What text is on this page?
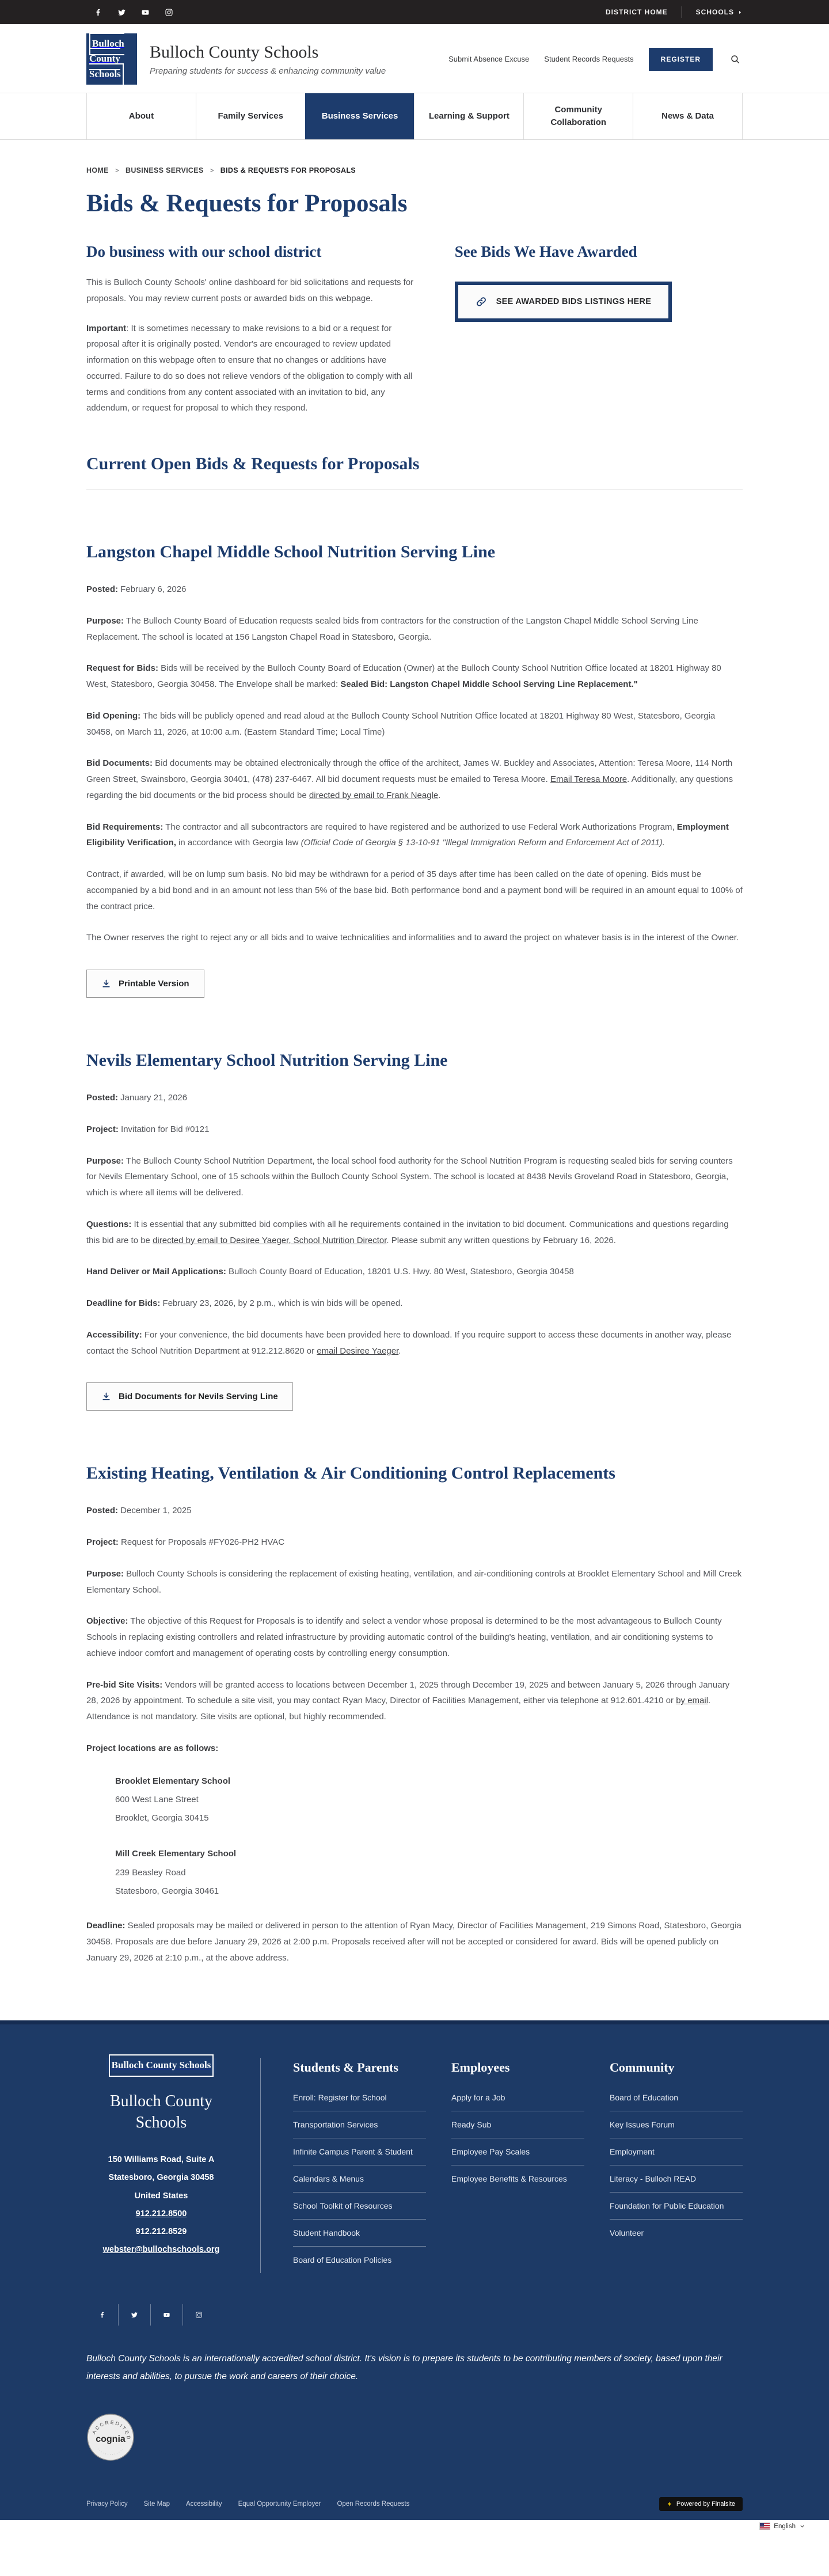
DISTRICT HOME	SCHOOLS
Bulloch County Schools
Bulloch County Schools
Preparing students for success & enhancing community value
Submit Absence Excuse Student Records Requests	REGISTER
About	Family Services	Business Services	Learning & Support
Community Collaboration
News & Data
HOME > BUSINESS SERVICES > BIDS & REQUESTS FOR PROPOSALS
Bids & Requests for Proposals
Do business with our school district

This is Bulloch County Schools' online dashboard for bid solicitations and requests for proposals. You may review current posts or awarded bids on this webpage.

Important: It is sometimes necessary to make revisions to a bid or a request for proposal after it is originally posted. Vendor's are encouraged to review updated information on this webpage often to ensure that no changes or additions have occurred. Failure to do so does not relieve vendors of the obligation to comply with all terms and conditions from any content associated with an invitation to bid, any addendum, or request for proposal to which they respond.

See Bids We Have Awarded
SEE AWARDED BIDS LISTINGS HERE
Current Open Bids & Requests for Proposals
Langston Chapel Middle School Nutrition Serving Line

Posted: February 6, 2026

Purpose: The Bulloch County Board of Education requests sealed bids from contractors for the construction of the Langston Chapel Middle School Serving Line Replacement. The school is located at 156 Langston Chapel Road in Statesboro, Georgia.

Request for Bids: Bids will be received by the Bulloch County Board of Education (Owner) at the Bulloch County School Nutrition Office located at 18201 Highway 80 West, Statesboro, Georgia 30458. The Envelope shall be marked: Sealed Bid: Langston Chapel Middle School Serving Line Replacement."

Bid Opening: The bids will be publicly opened and read aloud at the Bulloch County School Nutrition Office located at 18201 Highway 80 West, Statesboro, Georgia 30458, on March 11, 2026, at 10:00 a.m. (Eastern Standard Time; Local Time)

Bid Documents: Bid documents may be obtained electronically through the office of the architect, James W. Buckley and Associates, Attention: Teresa Moore, 114 North Green Street, Swainsboro, Georgia 30401, (478) 237-6467. All bid document requests must be emailed to Teresa Moore. Email Teresa Moore. Additionally, any questions regarding the bid documents or the bid process should be directed by email to Frank Neagle.

Bid Requirements: The contractor and all subcontractors are required to have registered and be authorized to use Federal Work Authorizations Program, Employment Eligibility Verification, in accordance with Georgia law (Official Code of Georgia § 13-10-91 "Illegal Immigration Reform and Enforcement Act of 2011).

Contract, if awarded, will be on lump sum basis. No bid may be withdrawn for a period of 35 days after time has been called on the date of opening. Bids must be accompanied by a bid bond and in an amount not less than 5% of the base bid. Both performance bond and a payment bond will be required in an amount equal to 100% of the contract price.

The Owner reserves the right to reject any or all bids and to waive technicalities and informalities and to award the project on whatever basis is in the interest of the Owner.

Printable Version
Nevils Elementary School Nutrition Serving Line

Posted: January 21, 2026

Project: Invitation for Bid #0121

Purpose: The Bulloch County School Nutrition Department, the local school food authority for the School Nutrition Program is requesting sealed bids for serving counters for Nevils Elementary School, one of 15 schools within the Bulloch County School System. The school is located at 8438 Nevils Groveland Road in Statesboro, Georgia, which is where all items will be delivered.

Questions: It is essential that any submitted bid complies with all he requirements contained in the invitation to bid document. Communications and questions regarding this bid are to be directed by email to Desiree Yaeger, School Nutrition Director. Please submit any written questions by February 16, 2026.

Hand Deliver or Mail Applications: Bulloch County Board of Education, 18201 U.S. Hwy. 80 West, Statesboro, Georgia 30458

Deadline for Bids: February 23, 2026, by 2 p.m., which is win bids will be opened.

Accessibility: For your convenience, the bid documents have been provided here to download. If you require support to access these documents in another way, please contact the School Nutrition Department at 912.212.8620 or email Desiree Yaeger.

Bid Documents for Nevils Serving Line
Existing Heating, Ventilation & Air Conditioning Control Replacements

Posted: December 1, 2025

Project: Request for Proposals #FY026-PH2 HVAC

Purpose: Bulloch County Schools is considering the replacement of existing heating, ventilation, and air-conditioning controls at Brooklet Elementary School and Mill Creek Elementary School.

Objective: The objective of this Request for Proposals is to identify and select a vendor whose proposal is determined to be the most advantageous to Bulloch County Schools in replacing existing controllers and related infrastructure by providing automatic control of the building's heating, ventilation, and air conditioning systems to achieve indoor comfort and management of operating costs by controlling energy consumption.

Pre-bid Site Visits: Vendors will be granted access to locations between December 1, 2025 through December 19, 2025 and between January 5, 2026 through January 28, 2026 by appointment. To schedule a site visit, you may contact Ryan Macy, Director of Facilities Management, either via telephone at 912.601.4210 or by email. Attendance is not mandatory. Site visits are optional, but highly recommended.

Project locations are as follows:

Brooklet Elementary School
600 West Lane Street
Brooklet, Georgia 30415
Mill Creek Elementary School
239 Beasley Road
Statesboro, Georgia 30461

Deadline: Sealed proposals may be mailed or delivered in person to the attention of Ryan Macy, Director of Facilities Management, 219 Simons Road, Statesboro, Georgia 30458. Proposals are due before January 29, 2026 at 2:00 p.m. Proposals received after will not be accepted or considered for award. Bids will be opened publicly on January 29, 2026 at 2:10 p.m., at the above address.

Bulloch County Schools
Bulloch County Schools
150 Williams Road, Suite A
Statesboro, Georgia 30458
United States
912.212.8500
912.212.8529
webster@bullochschools.org
Students & Parents
Enroll: Register for School
Transportation Services
Infinite Campus Parent & Student
Calendars & Menus
School Toolkit of Resources
Student Handbook
Board of Education Policies
Employees
Apply for a Job
Ready Sub
Employee Pay Scales
Employee Benefits & Resources
Community
Board of Education
Key Issues Forum
Employment
Literacy - Bulloch READ
Foundation for Public Education
Volunteer

Bulloch County Schools is an internationally accredited school district. It's vision is to prepare its students to be contributing members of society, based upon their interests and abilities, to pursue the work and careers of their choice.

ACCREDITED
cognia
Privacy Policy Site Map Accessibility Equal Opportunity Employer Open Records Requests	Powered by Finalsite
English
